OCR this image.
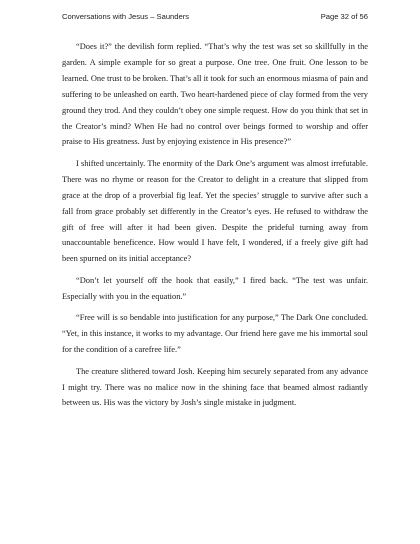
Conversations with Jesus – Saunders	Page 32 of 56

“Does it?” the devilish form replied. “That’s why the test was set so skillfully in the garden. A simple example for so great a purpose. One tree. One fruit. One lesson to be learned. One trust to be broken. That’s all it took for such an enormous miasma of pain and suffering to be unleashed on earth. Two heart-hardened piece of clay formed from the very ground they trod. And they couldn’t obey one simple request. How do you think that set in the Creator’s mind? When He had no control over beings formed to worship and offer praise to His greatness. Just by enjoying existence in His presence?”

I shifted uncertainly. The enormity of the Dark One’s argument was almost irrefutable. There was no rhyme or reason for the Creator to delight in a creature that slipped from grace at the drop of a proverbial fig leaf. Yet the species’ struggle to survive after such a fall from grace probably set differently in the Creator’s eyes. He refused to withdraw the gift of free will after it had been given. Despite the prideful turning away from unaccountable beneficence. How would I have felt, I wondered, if a freely give gift had been spurned on its initial acceptance?

“Don’t let yourself off the hook that easily,” I fired back. “The test was unfair. Especially with you in the equation.”

“Free will is so bendable into justification for any purpose,” The Dark One concluded. “Yet, in this instance, it works to my advantage. Our friend here gave me his immortal soul for the condition of a carefree life.”

The creature slithered toward Josh. Keeping him securely separated from any advance I might try. There was no malice now in the shining face that beamed almost radiantly between us. His was the victory by Josh’s single mistake in judgment.
